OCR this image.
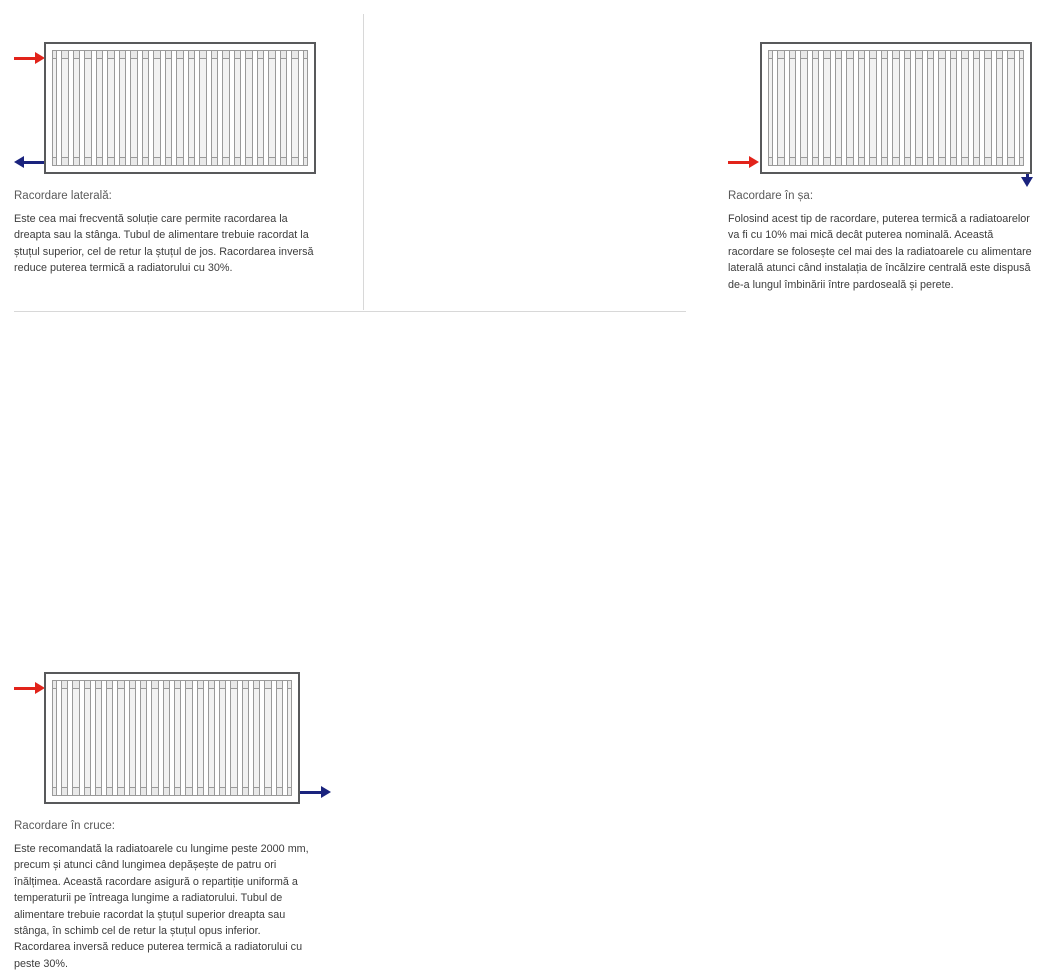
Racordare laterală:

Este cea mai frecventă soluție care permite racordarea la dreapta sau la stânga. Tubul de alimentare trebuie racordat la ștuțul superior, cel de retur la ștuțul de jos. Racordarea inversă reduce puterea termică a radiatorului cu 30%.

Racordare în șa:

Folosind acest tip de racordare, puterea termică a radiatoarelor va fi cu 10% mai mică decât puterea nominală. Această racordare se folosește cel mai des la radiatoarele cu alimentare laterală atunci când instalația de încălzire centrală este dispusă de-a lungul îmbinării între pardoseală și perete.

Racordare în cruce:

Este recomandată la radiatoarele cu lungime peste 2000 mm, precum și atunci când lungimea depășește de patru ori înălțimea. Această racordare asigură o repartiție uniformă a temperaturii pe întreaga lungime a radiatorului. Tubul de alimentare trebuie racordat la ștuțul superior dreapta sau stânga, în schimb cel de retur la ștuțul opus inferior. Racordarea inversă reduce puterea termică a radiatorului cu peste 30%.
